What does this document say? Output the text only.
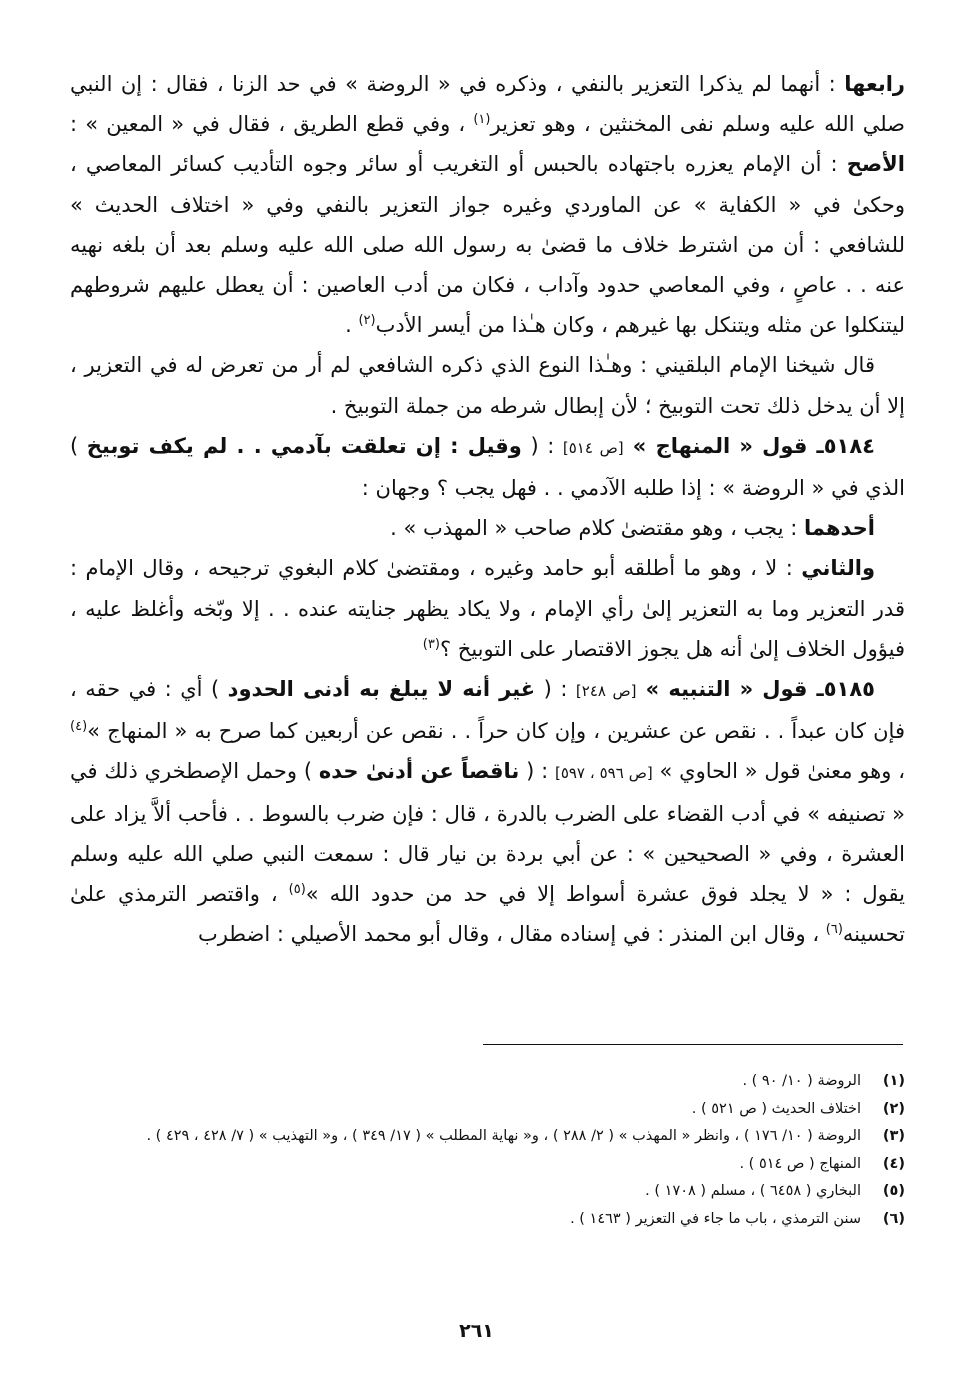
رابعها : أنهما لم يذكرا التعزير بالنفي ، وذكره في « الروضة » في حد الزنا ، فقال : إن النبي صلي الله عليه وسلم نفى المخنثين ، وهو تعزير$^{(١)}$ ، وفي قطع الطريق ، فقال في « المعين » : الأصح : أن الإمام يعزره باجتهاده بالحبس أو التغريب أو سائر وجوه التأديب كسائر المعاصي ، وحكىٰ في « الكفاية » عن الماوردي وغيره جواز التعزير بالنفي وفي « اختلاف الحديث » للشافعي : أن من اشترط خلاف ما قضىٰ به رسول الله صلى الله عليه وسلم بعد أن بلغه نهيه عنه . . عاصٍ ، وفي المعاصي حدود وآداب ، فكان من أدب العاصين : أن يعطل عليهم شروطهم ليتنكلوا عن مثله ويتنكل بها غيرهم ، وكان هـٰذا من أيسر الأدب$^{(٢)}$ .

قال شيخنا الإمام البلقيني : وهـٰذا النوع الذي ذكره الشافعي لم أر من تعرض له في التعزير ، إلا أن يدخل ذلك تحت التوبيخ ؛ لأن إبطال شرطه من جملة التوبيخ .

٥١٨٤ـ قول « المنهاج » [ص ٥١٤] : ( وقيل : إن تعلقت بآدمي . . لم يكف توبيخ ) الذي في « الروضة » : إذا طلبه الآدمي . . فهل يجب ؟ وجهان :

أحدهما : يجب ، وهو مقتضىٰ كلام صاحب « المهذب » .

والثاني : لا ، وهو ما أطلقه أبو حامد وغيره ، ومقتضىٰ كلام البغوي ترجيحه ، وقال الإمام : قدر التعزير وما به التعزير إلىٰ رأي الإمام ، ولا يكاد يظهر جنايته عنده . . إلا وبّخه وأغلظ عليه ، فيؤول الخلاف إلىٰ أنه هل يجوز الاقتصار على التوبيخ ؟$^{(٣)}$

٥١٨٥ـ قول « التنبيه » [ص ٢٤٨] : ( غير أنه لا يبلغ به أدنى الحدود ) أي : في حقه ، فإن كان عبداً . . نقص عن عشرين ، وإن كان حراً . . نقص عن أربعين كما صرح به « المنهاج »$^{(٤)}$ ، وهو معنىٰ قول « الحاوي » [ص ٥٩٦ ، ٥٩٧] : ( ناقصاً عن أدنىٰ حده ) وحمل الإصطخري ذلك في « تصنيفه » في أدب القضاء على الضرب بالدرة ، قال : فإن ضرب بالسوط . . فأحب ألاَّ يزاد على العشرة ، وفي « الصحيحين » : عن أبي بردة بن نيار قال : سمعت النبي صلي الله عليه وسلم يقول : « لا يجلد فوق عشرة أسواط إلا في حد من حدود الله »$^{(٥)}$ ، واقتصر الترمذي علىٰ تحسينه$^{(٦)}$ ، وقال ابن المنذر : في إسناده مقال ، وقال أبو محمد الأصيلي : اضطرب

(١)
الروضة ( ١٠/ ٩٠ ) .
(٢)
اختلاف الحديث ( ص ٥٢١ ) .
(٣)
الروضة ( ١٠/ ١٧٦ ) ، وانظر « المهذب » ( ٢/ ٢٨٨ ) ، و« نهاية المطلب » ( ١٧/ ٣٤٩ ) ، و« التهذيب » ( ٧/ ٤٢٨ ، ٤٢٩ ) .
(٤)
المنهاج ( ص ٥١٤ ) .
(٥)
البخاري ( ٦٤٥٨ ) ، مسلم ( ١٧٠٨ ) .
(٦)
سنن الترمذي ، باب ما جاء في التعزير ( ١٤٦٣ ) .
٢٦١
